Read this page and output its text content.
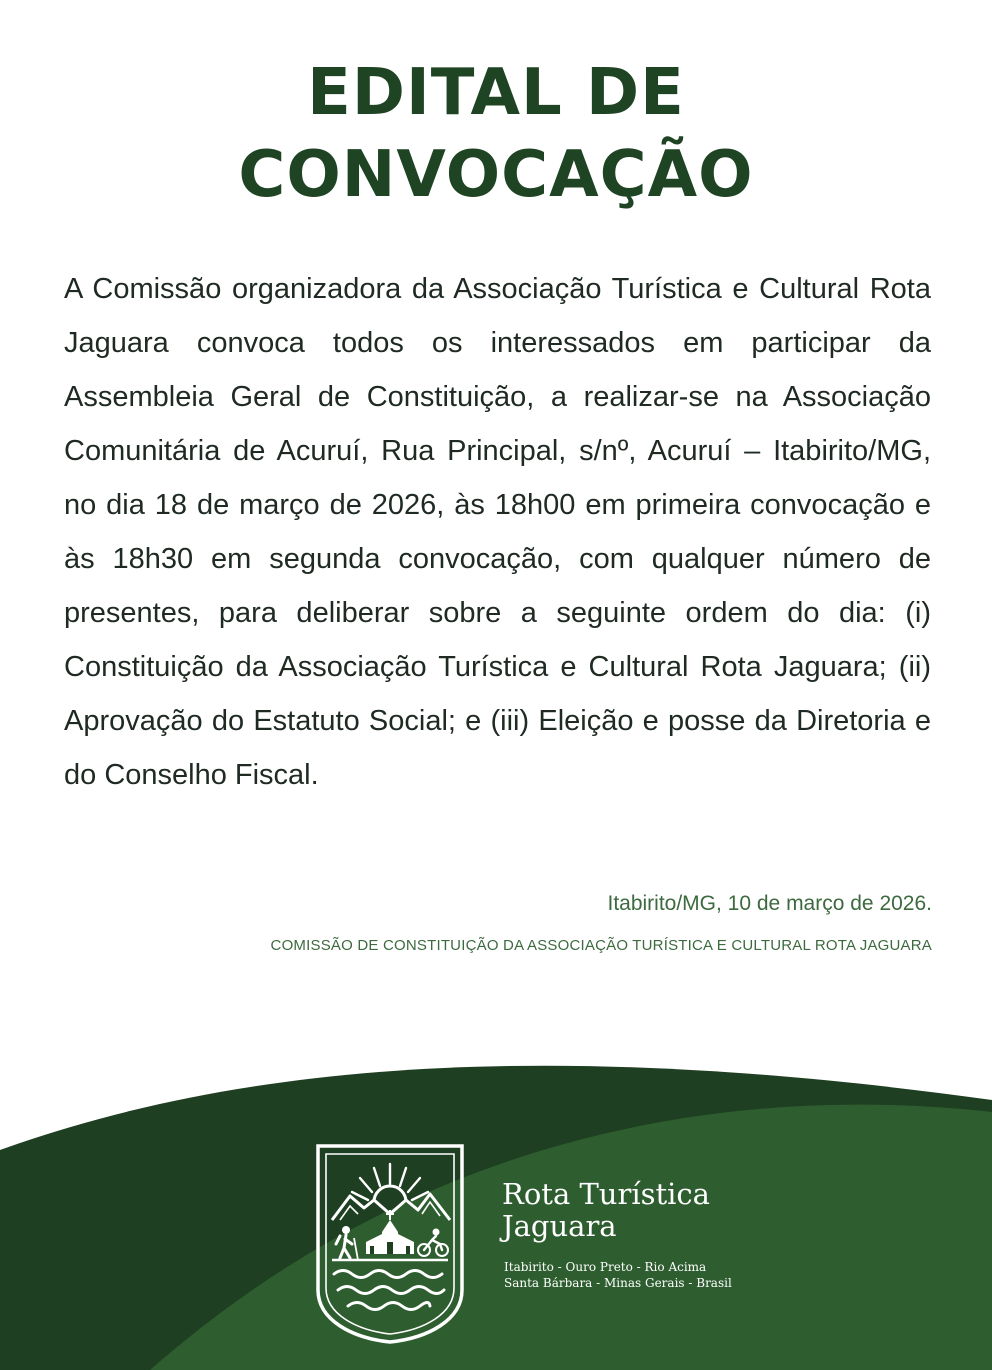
EDITAL DE
CONVOCAÇÃO

A Comissão organizadora da Associação Turística e Cultural Rota Jaguara convoca todos os interessados em participar da Assembleia Geral de Constituição, a realizar-se na Associação Comunitária de Acuruí, Rua Principal, s/nº, Acuruí – Itabirito/MG, no dia 18 de março de 2026, às 18h00 em primeira convocação e às 18h30 em segunda convocação, com qualquer número de presentes, para deliberar sobre a seguinte ordem do dia: (i) Constituição da Associação Turística e Cultural Rota Jaguara; (ii) Aprovação do Estatuto Social; e (iii) Eleição e posse da Diretoria e do Conselho Fiscal.

Itabirito/MG, 10 de março de 2026.
COMISSÃO DE CONSTITUIÇÃO DA ASSOCIAÇÃO TURÍSTICA E CULTURAL ROTA JAGUARA
Rota Turística
Jaguara
Itabirito - Ouro Preto - Rio Acima
Santa Bárbara - Minas Gerais - Brasil
